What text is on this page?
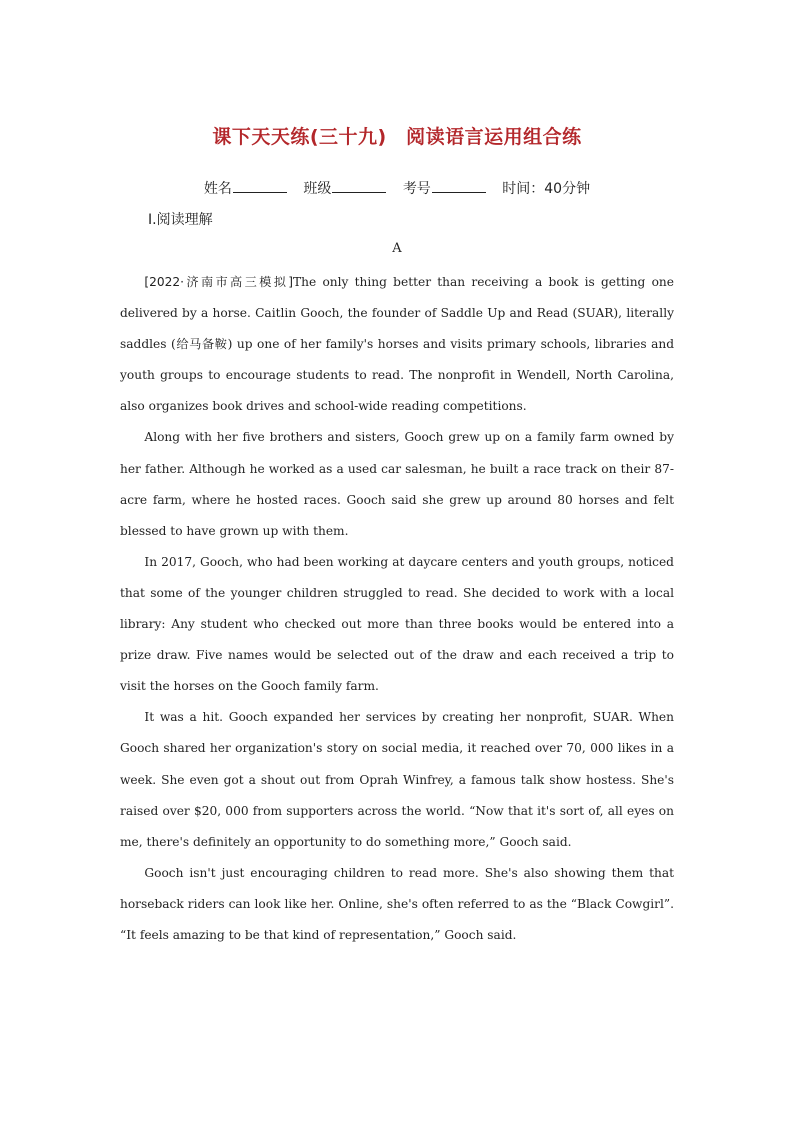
课下天天练(三十九)　阅读语言运用组合练
姓名	班级	考号	时间：40分钟
Ⅰ.阅读理解
A

[2022·济南市高三模拟]The only thing better than receiving a book is getting one delivered by a horse. Caitlin Gooch, the founder of Saddle Up and Read (SUAR), literally saddles (给马备鞍) up one of her family's horses and visits primary schools, libraries and youth groups to encourage students to read. The nonprofit in Wendell, North Carolina, also organizes book drives and school-wide reading competitions.

Along with her five brothers and sisters, Gooch grew up on a family farm owned by her father. Although he worked as a used car salesman, he built a race track on their 87-acre farm, where he hosted races. Gooch said she grew up around 80 horses and felt blessed to have grown up with them.

In 2017, Gooch, who had been working at daycare centers and youth groups, noticed that some of the younger children struggled to read. She decided to work with a local library: Any student who checked out more than three books would be entered into a prize draw. Five names would be selected out of the draw and each received a trip to visit the horses on the Gooch family farm.

It was a hit. Gooch expanded her services by creating her nonprofit, SUAR. When Gooch shared her organization's story on social media, it reached over 70, 000 likes in a week. She even got a shout out from Oprah Winfrey, a famous talk show hostess. She's raised over $20, 000 from supporters across the world. “Now that it's sort of, all eyes on me, there's definitely an opportunity to do something more,” Gooch said.

Gooch isn't just encouraging children to read more. She's also showing them that horseback riders can look like her. Online, she's often referred to as the “Black Cowgirl”. “It feels amazing to be that kind of representation,” Gooch said.
